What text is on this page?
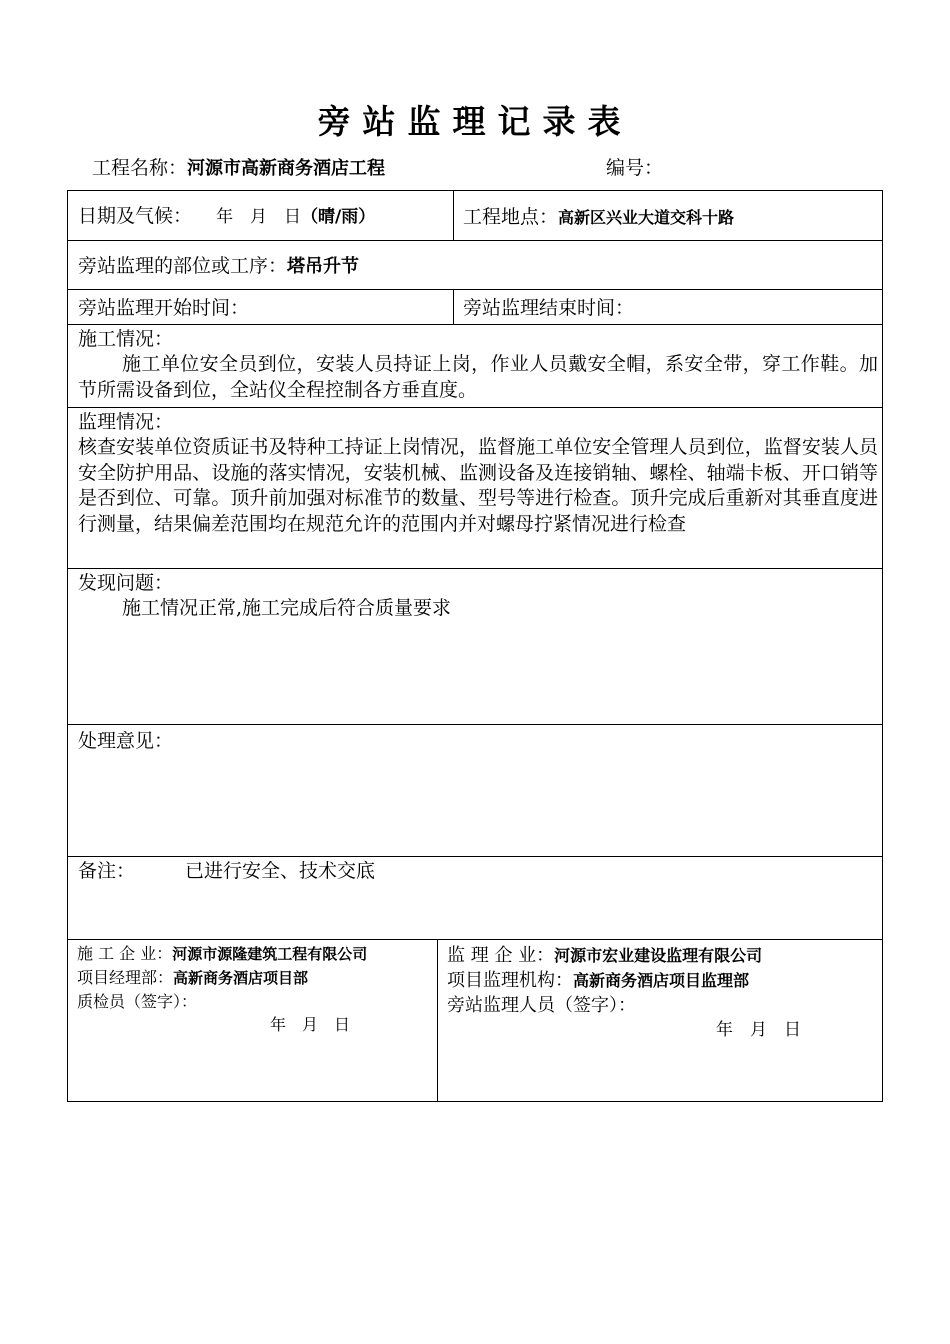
旁站监理记录表
工程名称：河源市高新商务酒店工程	编号：
日期及气候： 年　月　日（晴/雨）	工程地点：高新区兴业大道交科十路
旁站监理的部位或工序：塔吊升节
旁站监理开始时间：	旁站监理结束时间：
施工情况：
施工单位安全员到位，安装人员持证上岗，作业人员戴安全帽，系安全带，穿工作鞋。加节所需设备到位，全站仪全程控制各方垂直度。
监理情况：
核查安装单位资质证书及特种工持证上岗情况，监督施工单位安全管理人员到位，监督安装人员安全防护用品、设施的落实情况，安装机械、监测设备及连接销轴、螺栓、轴端卡板、开口销等是否到位、可靠。顶升前加强对标准节的数量、型号等进行检查。顶升完成后重新对其垂直度进行测量，结果偏差范围均在规范允许的范围内并对螺母拧紧情况进行检查
发现问题：
施工情况正常,施工完成后符合质量要求
处理意见：
备注：	已进行安全、技术交底
施 工 企 业：河源市源隆建筑工程有限公司
项目经理部：高新商务酒店项目部
质检员（签字）：
年　月　日
监 理 企 业：河源市宏业建设监理有限公司
项目监理机构：高新商务酒店项目监理部
旁站监理人员（签字）：
年　月　日
